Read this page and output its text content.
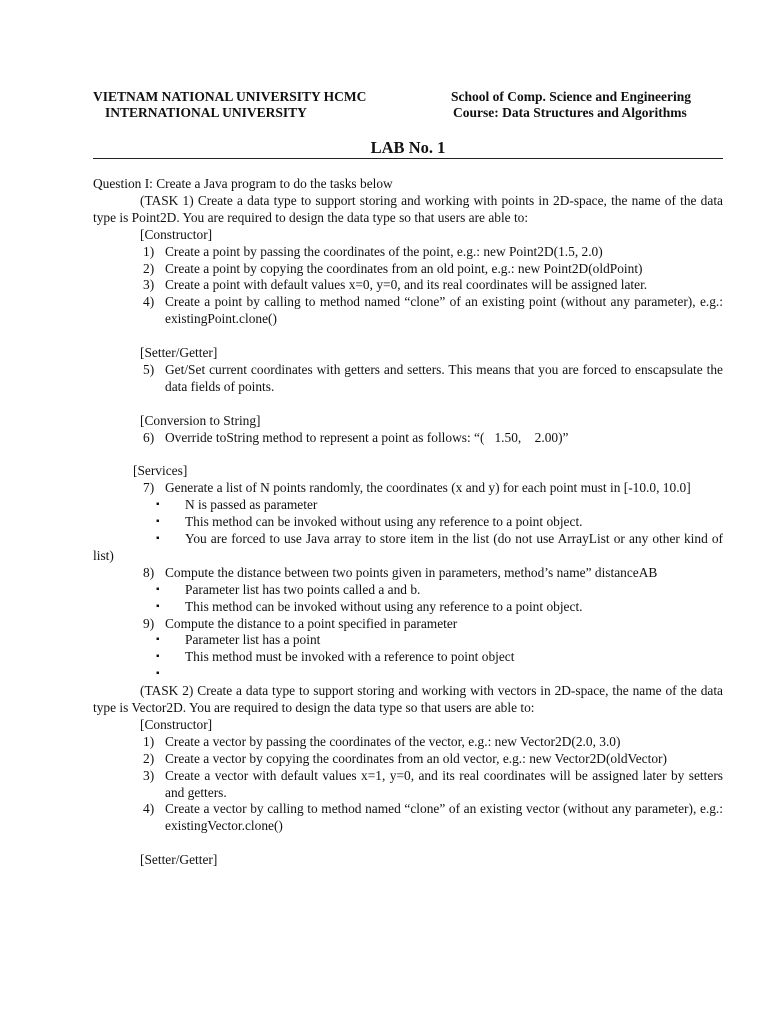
VIETNAM NATIONAL UNIVERSITY HCMC
INTERNATIONAL UNIVERSITY
School of Comp. Science and Engineering
Course: Data Structures and Algorithms
LAB No. 1

Question I: Create a Java program to do the tasks below

(TASK 1) Create a data type to support storing and working with points in 2D-space, the name of the data type is Point2D. You are required to design the data type so that users are able to:

[Constructor]

1) Create a point by passing the coordinates of the point, e.g.: new Point2D(1.5, 2.0)
2) Create a point by copying the coordinates from an old point, e.g.: new Point2D(oldPoint)
3) Create a point with default values x=0, y=0, and its real coordinates will be assigned later.
4) Create a point by calling to method named “clone” of an existing point (without any parameter), e.g.: existingPoint.clone()

[Setter/Getter]

5) Get/Set current coordinates with getters and setters. This means that you are forced to enscapsulate the data fields of points.

[Conversion to String]

6) Override toString method to represent a point as follows: “(   1.50,    2.00)”

[Services]

7) Generate a list of N points randomly, the coordinates (x and y) for each point must in [-10.0, 10.0]
▪ N is passed as parameter
▪ This method can be invoked without using any reference to a point object.
▪ You are forced to use Java array to store item in the list (do not use ArrayList or any other kind of list)
8) Compute the distance between two points given in parameters, method’s name” distanceAB
▪ Parameter list has two points called a and b.
▪ This method can be invoked without using any reference to a point object.
9) Compute the distance to a point specified in parameter
▪ Parameter list has a point
▪ This method must be invoked with a reference to point object
▪

(TASK 2) Create a data type to support storing and working with vectors in 2D-space, the name of the data type is Vector2D. You are required to design the data type so that users are able to:

[Constructor]

1) Create a vector by passing the coordinates of the vector, e.g.: new Vector2D(2.0, 3.0)
2) Create a vector by copying the coordinates from an old vector, e.g.: new Vector2D(oldVector)
3) Create a vector with default values x=1, y=0, and its real coordinates will be assigned later by setters and getters.
4) Create a vector by calling to method named “clone” of an existing vector (without any parameter), e.g.: existingVector.clone()

[Setter/Getter]
